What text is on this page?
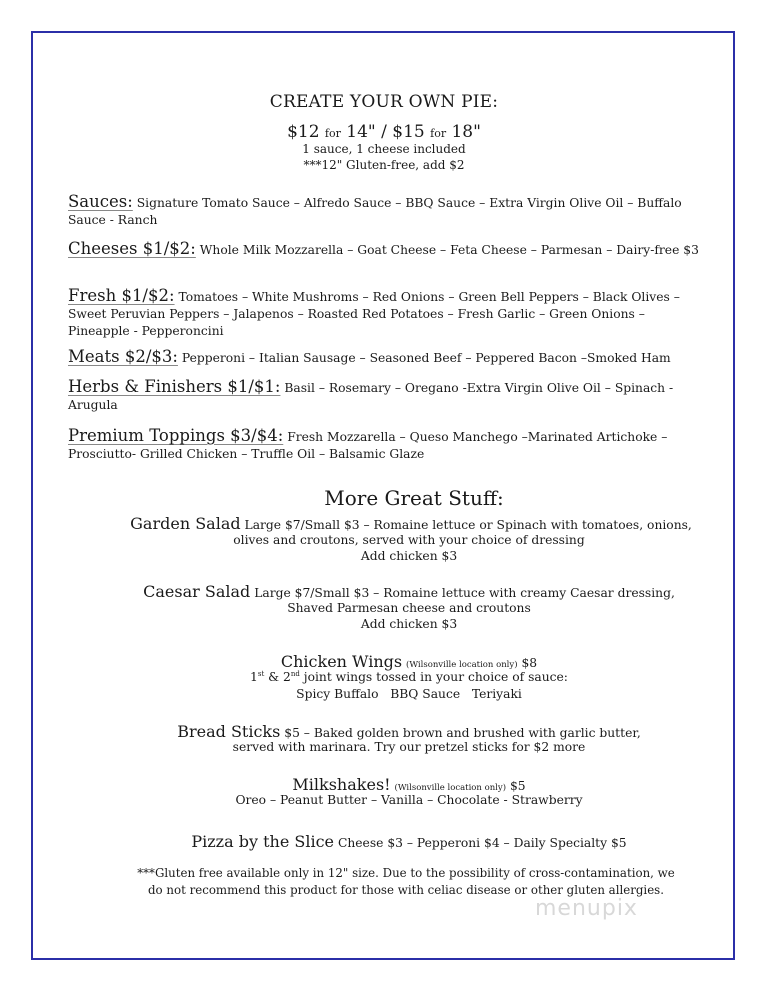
CREATE YOUR OWN PIE:
$12 for 14" / $15 for 18"
1 sauce, 1 cheese included
***12" Gluten-free, add $2
Sauces: Signature Tomato Sauce – Alfredo Sauce – BBQ Sauce – Extra Virgin Olive Oil – Buffalo Sauce - Ranch
Cheeses $1/$2: Whole Milk Mozzarella – Goat Cheese – Feta Cheese – Parmesan – Dairy-free $3
Fresh $1/$2: Tomatoes – White Mushroms – Red Onions – Green Bell Peppers – Black Olives – Sweet Peruvian Peppers – Jalapenos – Roasted Red Potatoes – Fresh Garlic – Green Onions – Pineapple - Pepperoncini
Meats $2/$3: Pepperoni – Italian Sausage – Seasoned Beef – Peppered Bacon –Smoked Ham
Herbs & Finishers $1/$1: Basil – Rosemary – Oregano -Extra Virgin Olive Oil – Spinach - Arugula
Premium Toppings $3/$4: Fresh Mozzarella – Queso Manchego –Marinated Artichoke – Prosciutto- Grilled Chicken – Truffle Oil – Balsamic Glaze
More Great Stuff:
Garden Salad Large $7/Small $3 – Romaine lettuce or Spinach with tomatoes, onions,
olives and croutons, served with your choice of dressing
Add chicken $3
Caesar Salad Large $7/Small $3 – Romaine lettuce with creamy Caesar dressing,
Shaved Parmesan cheese and croutons
Add chicken $3
Chicken Wings (Wilsonville location only) $8
1st & 2nd joint wings tossed in your choice of sauce:
Spicy Buffalo   BBQ Sauce   Teriyaki
Bread Sticks $5 – Baked golden brown and brushed with garlic butter,
served with marinara. Try our pretzel sticks for $2 more
Milkshakes! (Wilsonville location only) $5
Oreo – Peanut Butter – Vanilla – Chocolate - Strawberry
Pizza by the Slice Cheese $3 – Pepperoni $4 – Daily Specialty $5
***Gluten free available only in 12" size. Due to the possibility of cross-contamination, we
do not recommend this product for those with celiac disease or other gluten allergies.
menupix
